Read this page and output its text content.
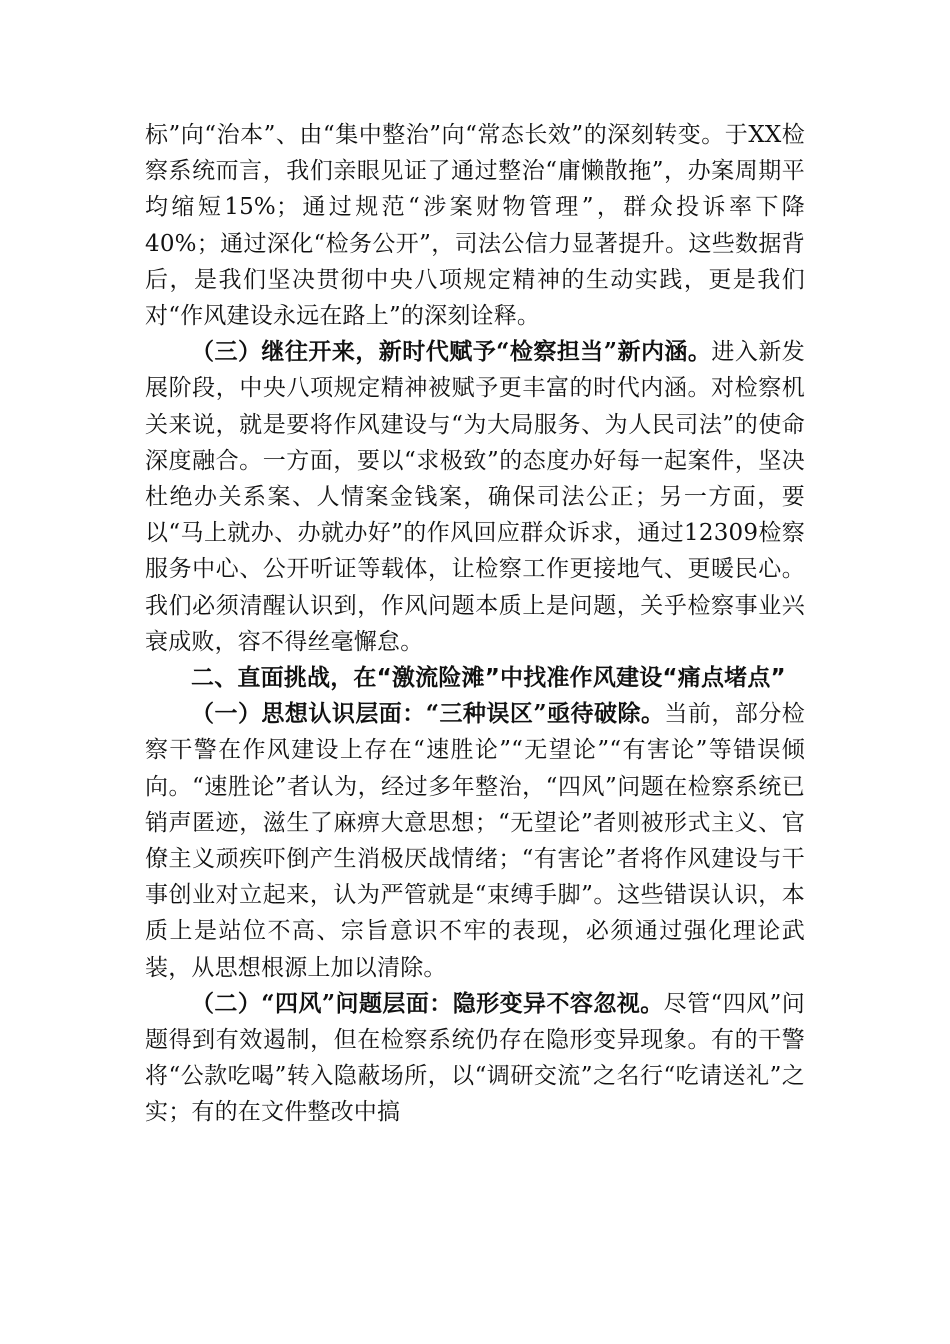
标”向“治本”、由“集中整治”向“常态长效”的深刻转变。于XX检察系统而言，我们亲眼见证了通过整治“庸懒散拖”，办案周期平均缩短15%；通过规范“涉案财物管理”，群众投诉率下降40%；通过深化“检务公开”，司法公信力显著提升。这些数据背后，是我们坚决贯彻中央八项规定精神的生动实践，更是我们对“作风建设永远在路上”的深刻诠释。

（三）继往开来，新时代赋予“检察担当”新内涵。进入新发展阶段，中央八项规定精神被赋予更丰富的时代内涵。对检察机关来说，就是要将作风建设与“为大局服务、为人民司法”的使命深度融合。一方面，要以“求极致”的态度办好每一起案件，坚决杜绝办关系案、人情案金钱案，确保司法公正；另一方面，要以“马上就办、办就办好”的作风回应群众诉求，通过12309检察服务中心、公开听证等载体，让检察工作更接地气、更暖民心。我们必须清醒认识到，作风问题本质上是问题，关乎检察事业兴衰成败，容不得丝毫懈怠。

二、直面挑战，在“激流险滩”中找准作风建设“痛点堵点”

（一）思想认识层面：“三种误区”亟待破除。当前，部分检察干警在作风建设上存在“速胜论”“无望论”“有害论”等错误倾向。“速胜论”者认为，经过多年整治，“四风”问题在检察系统已销声匿迹，滋生了麻痹大意思想；“无望论”者则被形式主义、官僚主义顽疾吓倒产生消极厌战情绪；“有害论”者将作风建设与干事创业对立起来，认为严管就是“束缚手脚”。这些错误认识，本质上是站位不高、宗旨意识不牢的表现，必须通过强化理论武装，从思想根源上加以清除。

（二）“四风”问题层面：隐形变异不容忽视。尽管“四风”问题得到有效遏制，但在检察系统仍存在隐形变异现象。有的干警将“公款吃喝”转入隐蔽场所，以“调研交流”之名行“吃请送礼”之实；有的在文件整改中搞
